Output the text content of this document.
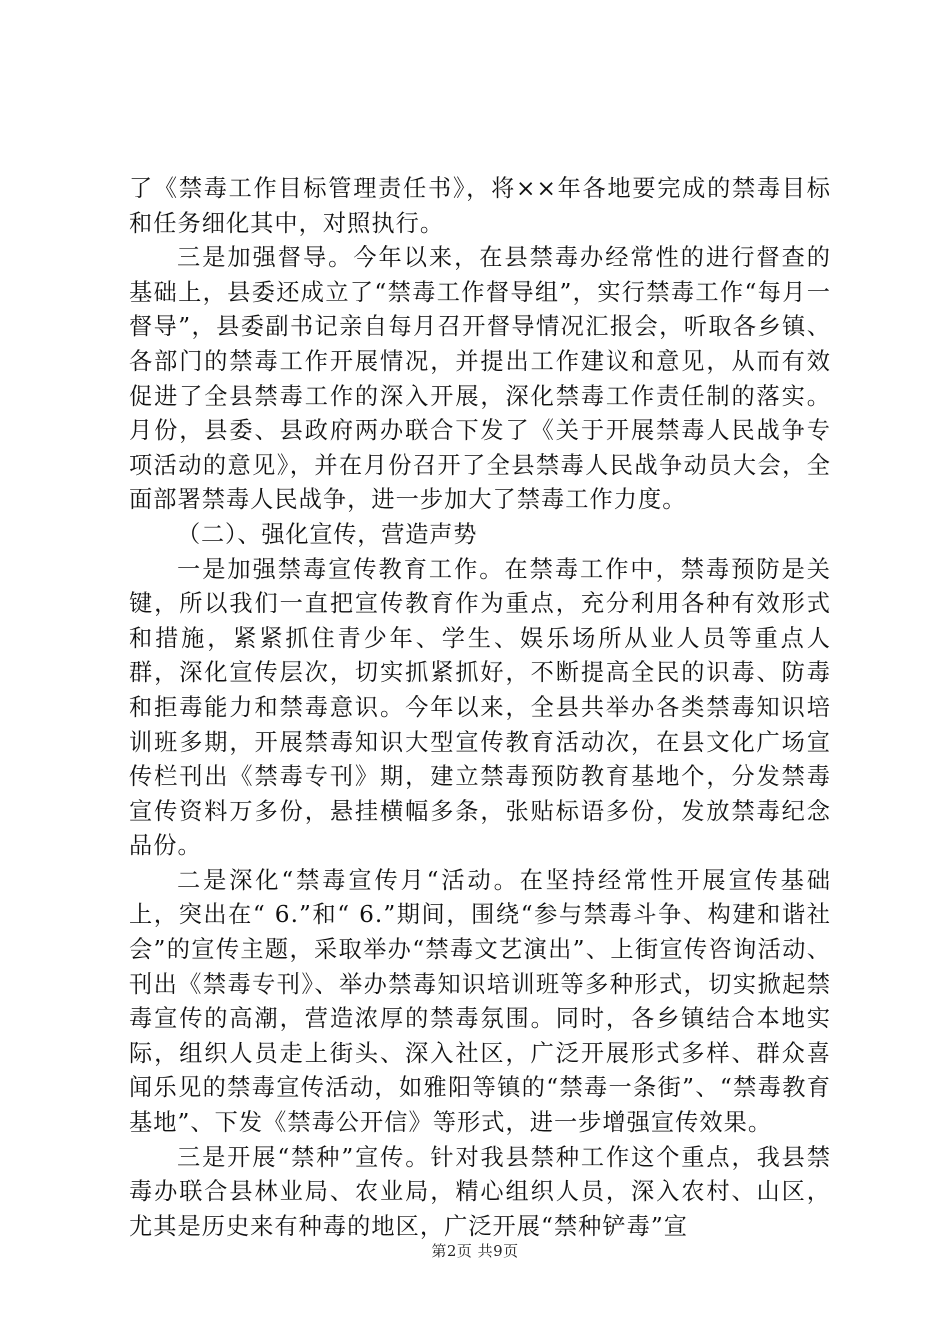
了《禁毒工作目标管理责任书》，将××年各地要完成的禁毒目标和任务细化其中，对照执行。

三是加强督导。今年以来，在县禁毒办经常性的进行督查的基础上，县委还成立了“禁毒工作督导组”，实行禁毒工作“每月一督导”，县委副书记亲自每月召开督导情况汇报会，听取各乡镇、各部门的禁毒工作开展情况，并提出工作建议和意见，从而有效促进了全县禁毒工作的深入开展，深化禁毒工作责任制的落实。月份，县委、县政府两办联合下发了《关于开展禁毒人民战争专项活动的意见》，并在月份召开了全县禁毒人民战争动员大会，全面部署禁毒人民战争，进一步加大了禁毒工作力度。

（二）、强化宣传，营造声势

一是加强禁毒宣传教育工作。在禁毒工作中，禁毒预防是关键，所以我们一直把宣传教育作为重点，充分利用各种有效形式和措施，紧紧抓住青少年、学生、娱乐场所从业人员等重点人群，深化宣传层次，切实抓紧抓好，不断提高全民的识毒、防毒和拒毒能力和禁毒意识。今年以来，全县共举办各类禁毒知识培训班多期，开展禁毒知识大型宣传教育活动次，在县文化广场宣传栏刊出《禁毒专刊》期，建立禁毒预防教育基地个，分发禁毒宣传资料万多份，悬挂横幅多条，张贴标语多份，发放禁毒纪念品份。

二是深化“禁毒宣传月“活动。在坚持经常性开展宣传基础上，突出在“ 6.”和“ 6.”期间，围绕“参与禁毒斗争、构建和谐社会”的宣传主题，采取举办“禁毒文艺演出”、上街宣传咨询活动、刊出《禁毒专刊》、举办禁毒知识培训班等多种形式，切实掀起禁毒宣传的高潮，营造浓厚的禁毒氛围。同时，各乡镇结合本地实际，组织人员走上街头、深入社区，广泛开展形式多样、群众喜闻乐见的禁毒宣传活动，如雅阳等镇的“禁毒一条街”、“禁毒教育基地”、下发《禁毒公开信》等形式，进一步增强宣传效果。

三是开展“禁种”宣传。针对我县禁种工作这个重点，我县禁毒办联合县林业局、农业局，精心组织人员，深入农村、山区，尤其是历史来有种毒的地区，广泛开展“禁种铲毒”宣

第2页 共9页
